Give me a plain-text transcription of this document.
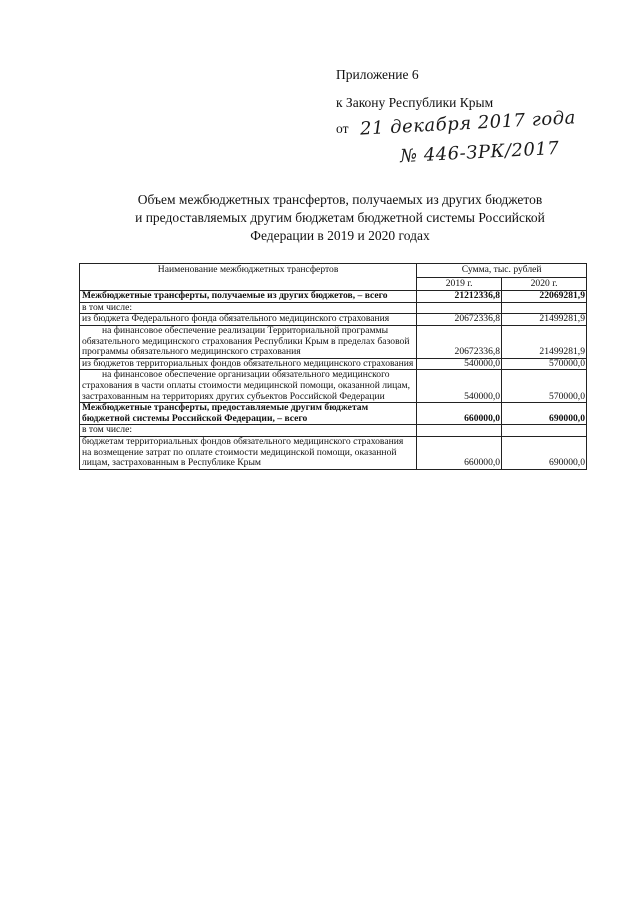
Приложение 6
к Закону Республики Крым
от 21 декабря 2017 года
№ 446-ЗРК/2017
Объем межбюджетных трансфертов, получаемых из других бюджетов
и предоставляемых другим бюджетам бюджетной системы Российской
Федерации в 2019 и 2020 годах
Наименование межбюджетных трансфертов	Сумма, тыс. рублей	
	2019 г.	2020 г.
Межбюджетные трансферты, получаемые из других бюджетов, – всего	21212336,8	22069281,9
в том числе:		
из бюджета Федерального фонда обязательного медицинского страхования	20672336,8	21499281,9
на финансовое обеспечение реализации Территориальной программы обязательного медицинского страхования Республики Крым в пределах базовой программы обязательного медицинского страхования	20672336,8	21499281,9
из бюджетов территориальных фондов обязательного медицинского страхования	540000,0	570000,0
на финансовое обеспечение организации обязательного медицинского страхования в части оплаты стоимости медицинской помощи, оказанной лицам, застрахованным на территориях других субъектов Российской Федерации	540000,0	570000,0
Межбюджетные трансферты, предоставляемые другим бюджетам бюджетной системы Российской Федерации, – всего	660000,0	690000,0
в том числе:		
бюджетам территориальных фондов обязательного медицинского страхования на возмещение затрат по оплате стоимости медицинской помощи, оказанной лицам, застрахованным в Республике Крым	660000,0	690000,0
